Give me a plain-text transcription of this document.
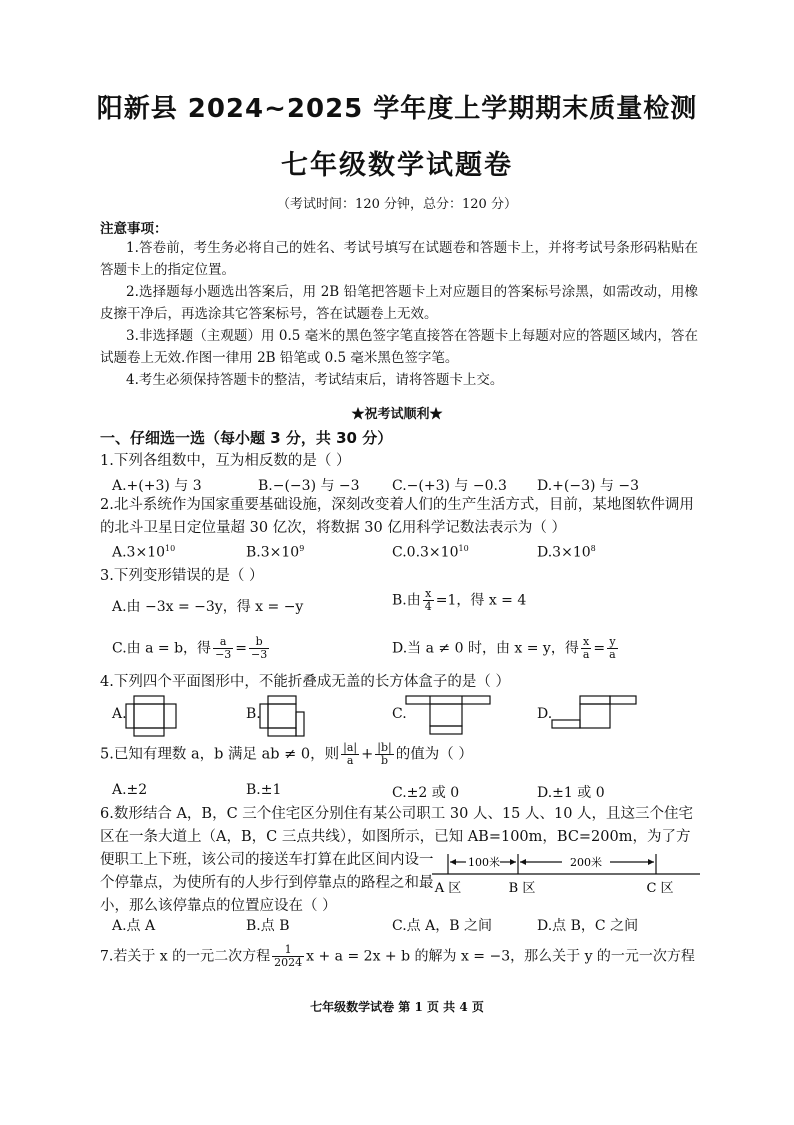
阳新县 2024~2025 学年度上学期期末质量检测
七年级数学试题卷
（考试时间：120 分钟，总分：120 分）
注意事项：
1.答卷前，考生务必将自己的姓名、考试号填写在试题卷和答题卡上，并将考试号条形码粘贴在答题卡上的指定位置。
2.选择题每小题选出答案后，用 2B 铅笔把答题卡上对应题目的答案标号涂黑，如需改动，用橡皮擦干净后，再选涂其它答案标号，答在试题卷上无效。
3.非选择题（主观题）用 0.5 毫米的黑色签字笔直接答在答题卡上每题对应的答题区域内，答在试题卷上无效.作图一律用 2B 铅笔或 0.5 毫米黑色签字笔。
4.考生必须保持答题卡的整洁，考试结束后，请将答题卡上交。
★祝考试顺利★
一、仔细选一选（每小题 3 分，共 30 分）
1.下列各组数中，互为相反数的是（ ）
A.+(+3) 与 3	B.−(−3) 与 −3 C.−(+3) 与 −0.3 D.+(−3) 与 −3
2.北斗系统作为国家重要基础设施，深刻改变着人们的生产生活方式，目前，某地图软件调用的北斗卫星日定位量超 30 亿次，将数据 30 亿用科学记数法表示为（ ）
$A.3\times 10^{10}$	$B.3\times 10^9$	$C.0.3\times 10^{10}$	$D.3\times 10^8$
3.下列变形错误的是（ ）
A.由 −3x = −3y，得 x = −y	B.由 $\frac{x}{4} =1$，得 x = 4
C.由 a = b，得 $\frac{a}{-3} = \frac{b}{-3}$	D.当 a ≠ 0 时，由 x = y，得 $\frac{x}{a} = \frac{y}{a}$
4.下列四个平面图形中，不能折叠成无盖的长方体盒子的是（ ）
A.	B.	C.	D.
5.已知有理数 a，b 满足 ab ≠ 0，则 $\frac{|a|}{a} + \frac{|b|}{b}$ 的值为（ ）
A.±2	B.±1	C.±2 或 0	D.±1 或 0
6.数形结合 A，B，C 三个住宅区分别住有某公司职工 30 人、15 人、10 人，且这三个住宅区在一条大道上（A，B，C 三点共线），如图所示，已知 AB=100m，BC=200m，为了方
便职工上下班，该公司的接送车打算在此区间内设一个停靠点，为使所有的人步行到停靠点的路程之和最小，那么该停靠点的位置应设在（ ）
100米	200米
A 区	B 区	C 区
A.点 A	B.点 B	C.点 A，B 之间	D.点 B，C 之间
7.若关于 x 的一元二次方程 $\frac{1}{2024}$ x + a = 2x + b 的解为 x = −3，那么关于 y 的一元一次方程
七年级数学试卷 第 1 页 共 4 页
